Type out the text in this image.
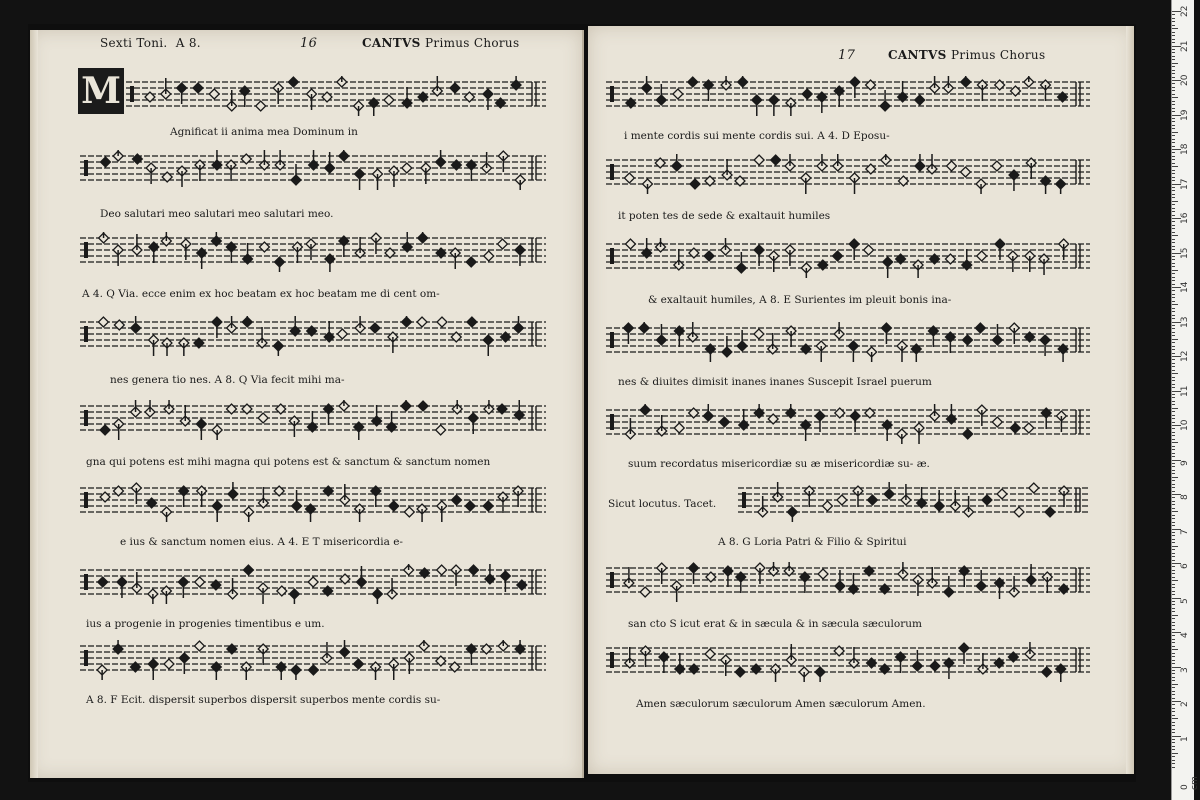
Sexti Toni. A 8.	16	CANTVS Primus Chorus
M
Agnificat ii anima mea Dominum in
Deo salutari meo salutari meo salutari meo.
A 4. Q Via. ecce enim ex hoc beatam ex hoc beatam me di cent om-
nes genera tio nes. A 8. Q Via fecit mihi ma-
gna qui potens est mihi magna qui potens est & sanctum & sanctum nomen
e ius & sanctum nomen eius. A 4. E T misericordia e-
ius a progenie in progenies timentibus e um.
A 8. F Ecit. dispersit superbos dispersit superbos mente cordis su-
17	CANTVS Primus Chorus
i mente cordis sui mente cordis sui. A 4. D Eposu-
it poten tes de sede & exaltauit humiles
& exaltauit humiles, A 8. E Surientes im pleuit bonis ina-
nes & diuites dimisit inanes inanes Suscepit Israel puerum
suum recordatus misericordiæ su æ misericordiæ su- æ.
Sicut locutus. Tacet.
A 8. G Loria Patri & Filio & Spiritui
san cto S icut erat & in sæcula & in sæcula sæculorum
Amen sæculorum sæculorum Amen sæculorum Amen.
0 cm
1
2
3
4
5
6
7
8
9
10
11
12
13
14
15
16
17
18
19
20
21
22
